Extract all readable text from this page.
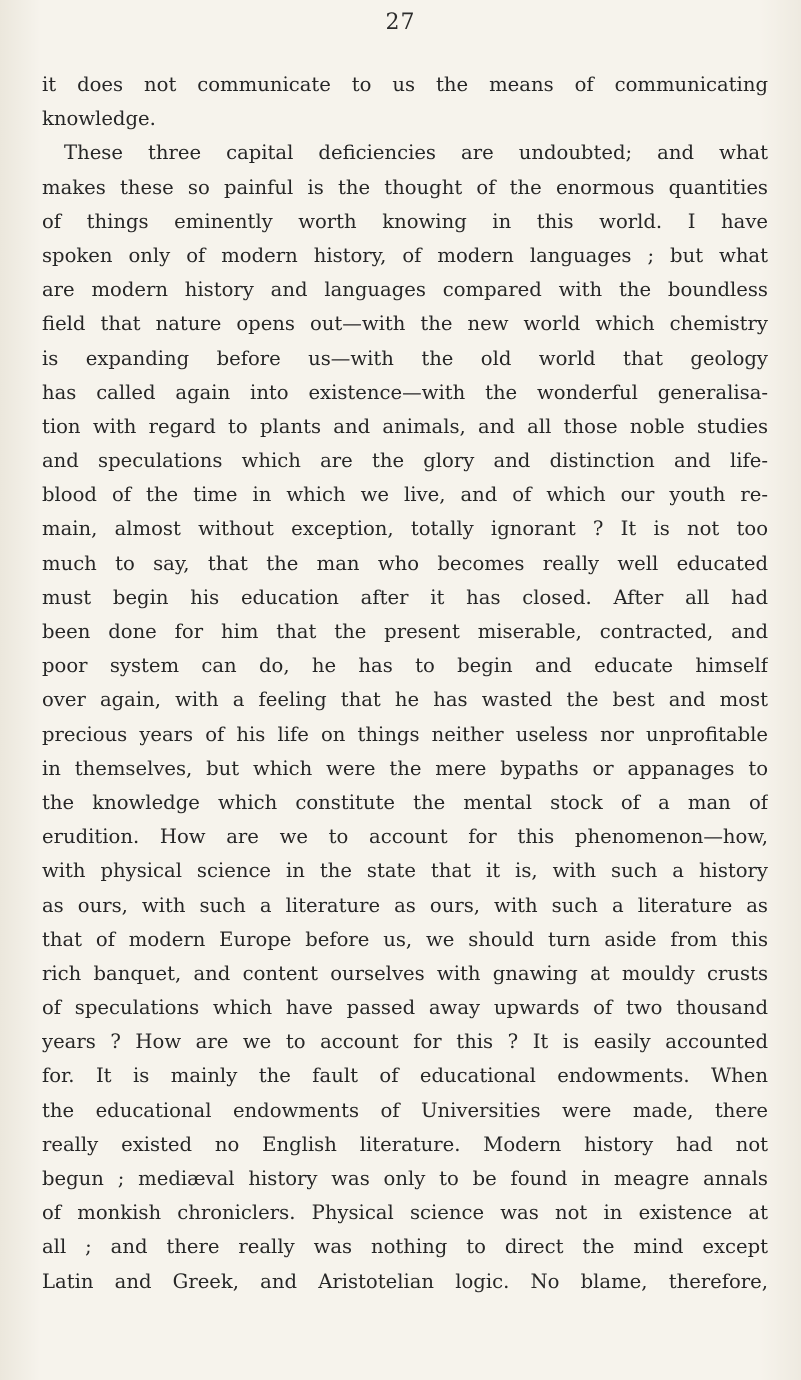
27
it does not communicate to us the means of communicating
knowledge.
These three capital deficiencies are undoubted; and what
makes these so painful is the thought of the enormous quantities
of things eminently worth knowing in this world. I have
spoken only of modern history, of modern languages ; but what
are modern history and languages compared with the boundless
field that nature opens out—with the new world which chemistry
is expanding before us—with the old world that geology
has called again into existence—with the wonderful generalisa-
tion with regard to plants and animals, and all those noble studies
and speculations which are the glory and distinction and life-
blood of the time in which we live, and of which our youth re-
main, almost without exception, totally ignorant ? It is not too
much to say, that the man who becomes really well educated
must begin his education after it has closed. After all had
been done for him that the present miserable, contracted, and
poor system can do, he has to begin and educate himself
over again, with a feeling that he has wasted the best and most
precious years of his life on things neither useless nor unprofitable
in themselves, but which were the mere bypaths or appanages to
the knowledge which constitute the mental stock of a man of
erudition. How are we to account for this phenomenon—how,
with physical science in the state that it is, with such a history
as ours, with such a literature as ours, with such a literature as
that of modern Europe before us, we should turn aside from this
rich banquet, and content ourselves with gnawing at mouldy crusts
of speculations which have passed away upwards of two thousand
years ? How are we to account for this ? It is easily accounted
for. It is mainly the fault of educational endowments. When
the educational endowments of Universities were made, there
really existed no English literature. Modern history had not
begun ; mediæval history was only to be found in meagre annals
of monkish chroniclers. Physical science was not in existence at
all ; and there really was nothing to direct the mind except
Latin and Greek, and Aristotelian logic. No blame, therefore,
